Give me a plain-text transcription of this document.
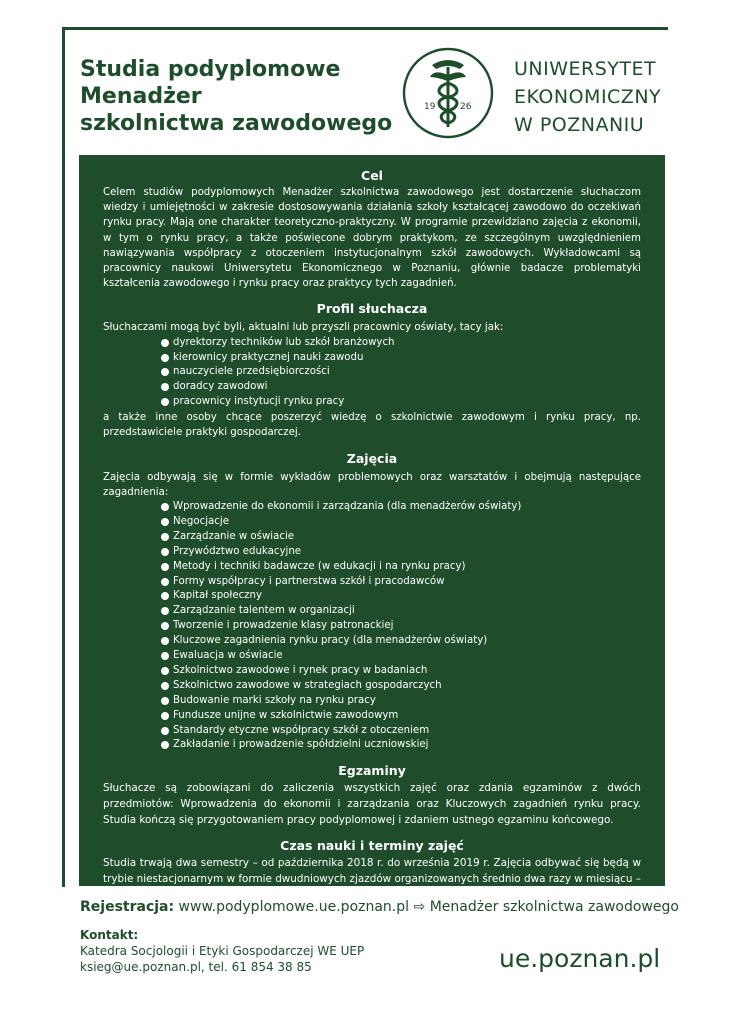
Studia podyplomowe
Menadżer
szkolnictwa zawodowego
19	26
UNIWERSYTET
EKONOMICZNY
W POZNANIU
Cel

Celem studiów podyplomowych Menadżer szkolnictwa zawodowego jest dostarczenie słuchaczom wiedzy i umiejętności w zakresie dostosowywania działania szkoły kształcącej zawodowo do oczekiwań rynku pracy. Mają one charakter teoretyczno-praktyczny. W programie przewidziano zajęcia z ekonomii, w tym o rynku pracy, a także poświęcone dobrym praktykom, ze szczególnym uwzględnieniem nawiązywania współpracy z otoczeniem instytucjonalnym szkół zawodowych. Wykładowcami są pracownicy naukowi Uniwersytetu Ekonomicznego w Poznaniu, głównie badacze problematyki kształcenia zawodowego i rynku pracy oraz praktycy tych zagadnień.

Profil słuchacza

Słuchaczami mogą być byli, aktualni lub przyszli pracownicy oświaty, tacy jak:

dyrektorzy techników lub szkół branżowych
kierownicy praktycznej nauki zawodu
nauczyciele przedsiębiorczości
doradcy zawodowi
pracownicy instytucji rynku pracy

a także inne osoby chcące poszerzyć wiedzę o szkolnictwie zawodowym i rynku pracy, np. przedstawiciele praktyki gospodarczej.

Zajęcia

Zajęcia odbywają się w formie wykładów problemowych oraz warsztatów i obejmują następujące zagadnienia:

Wprowadzenie do ekonomii i zarządzania (dla menadżerów oświaty)
Negocjacje
Zarządzanie w oświacie
Przywództwo edukacyjne
Metody i techniki badawcze (w edukacji i na rynku pracy)
Formy współpracy i partnerstwa szkół i pracodawców
Kapitał społeczny
Zarządzanie talentem w organizacji
Tworzenie i prowadzenie klasy patronackiej
Kluczowe zagadnienia rynku pracy (dla menadżerów oświaty)
Ewaluacja w oświacie
Szkolnictwo zawodowe i rynek pracy w badaniach
Szkolnictwo zawodowe w strategiach gospodarczych
Budowanie marki szkoły na rynku pracy
Fundusze unijne w szkolnictwie zawodowym
Standardy etyczne współpracy szkół z otoczeniem
Zakładanie i prowadzenie spółdzielni uczniowskiej
Egzaminy

Słuchacze są zobowiązani do zaliczenia wszystkich zajęć oraz zdania egzaminów z dwóch przedmiotów: Wprowadzenia do ekonomii i zarządzania oraz Kluczowych zagadnień rynku pracy. Studia kończą się przygotowaniem pracy podyplomowej i zdaniem ustnego egzaminu końcowego.

Czas nauki i terminy zajęć

Studia trwają dwa semestry – od października 2018 r. do września 2019 r. Zajęcia odbywać się będą w trybie niestacjonarnym w formie dwudniowych zjazdów organizowanych średnio dwa razy w miesiącu – w piątki po południu oraz w soboty.

Rejestracja: www.podyplomowe.ue.poznan.pl ⇨ Menadżer szkolnictwa zawodowego
Kontakt:
Katedra Socjologii i Etyki Gospodarczej WE UEP
ksieg@ue.poznan.pl, tel. 61 854 38 85	ue.poznan.pl
